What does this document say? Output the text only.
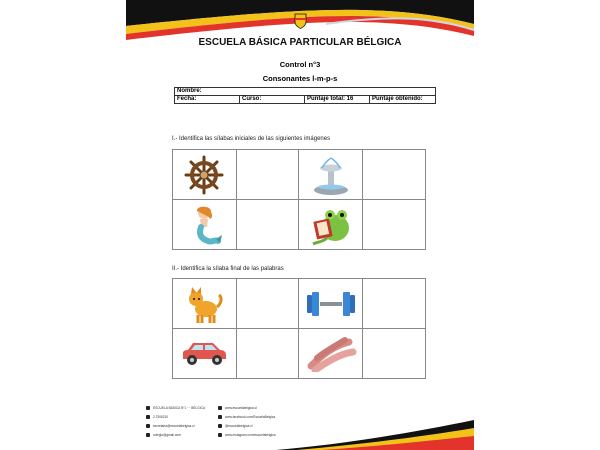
ESCUELA BÁSICA PARTICULAR BÉLGICA
Control n°3
Consonantes l-m-p-s
Nombre:
Fecha:	Curso:	Puntaje total: 16	Puntaje obtenido:
I.- Identifica las sílabas iniciales de las siguientes imágenes

II.- Identifica la sílaba final de las palabras

ESCUELA BÁSICA N°1 ··· BÉLGICA
2 2306210
secretaria@escuelabelgica.cl
colegio@gmail.com
www.escuelabelgica.cl
www.facebook.com/EscuelaBelgica
@escuelabelgica.cl
www.instagram.com/escuelabelgica
